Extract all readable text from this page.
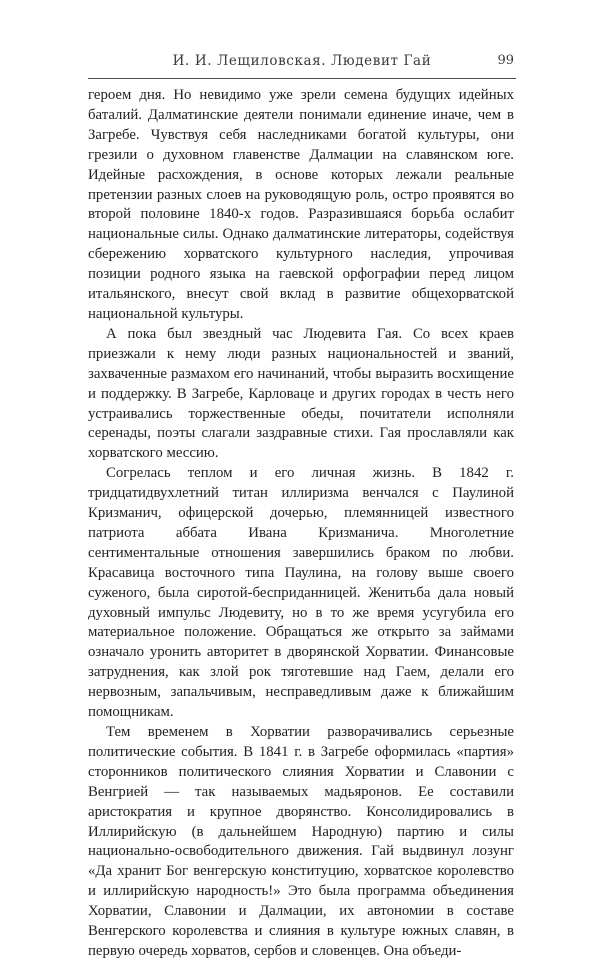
И. И. Лещиловская. Людевит Гай	99

героем дня. Но невидимо уже зрели семена будущих идейных баталий. Далматинские деятели понимали единение иначе, чем в Загребе. Чувствуя себя наследниками богатой культуры, они грезили о духовном главенстве Далмации на славянском юге. Идейные расхождения, в основе которых лежали реальные претензии разных слоев на руководящую роль, остро проявятся во второй половине 1840-х годов. Разразившаяся борьба ослабит национальные силы. Однако далматинские литераторы, содействуя сбережению хорватского культурного наследия, упрочивая позиции родного языка на гаевской орфографии перед лицом итальянского, внесут свой вклад в развитие общехорватской национальной культуры.

А пока был звездный час Людевита Гая. Со всех краев приезжали к нему люди разных национальностей и званий, захваченные размахом его начинаний, чтобы выразить восхищение и поддержку. В Загребе, Карловаце и других городах в честь него устраивались торжественные обеды, почитатели исполняли серенады, поэты слагали заздравные стихи. Гая прославляли как хорватского мессию.

Согрелась теплом и его личная жизнь. В 1842 г. тридцатидвухлетний титан иллиризма венчался с Паулиной Кризманич, офицерской дочерью, племянницей известного патриота аббата Ивана Кризманича. Многолетние сентиментальные отношения завершились браком по любви. Красавица восточного типа Паулина, на голову выше своего суженого, была сиротой-бесприданницей. Женитьба дала новый духовный импульс Людевиту, но в то же время усугубила его материальное положение. Обращаться же открыто за займами означало уронить авторитет в дворянской Хорватии. Финансовые затруднения, как злой рок тяготевшие над Гаем, делали его нервозным, запальчивым, несправедливым даже к ближайшим помощникам.

Тем временем в Хорватии разворачивались серьезные политические события. В 1841 г. в Загребе оформилась «партия» сторонников политического слияния Хорватии и Славонии с Венгрией — так называемых мадьяронов. Ее составили аристократия и крупное дворянство. Консолидировались в Иллирийскую (в дальнейшем Народную) партию и силы национально-освободительного движения. Гай выдвинул лозунг «Да хранит Бог венгерскую конституцию, хорватское королевство и иллирийскую народность!» Это была программа объединения Хорватии, Славонии и Далмации, их автономии в составе Венгерского королевства и слияния в культуре южных славян, в первую очередь хорватов, сербов и словенцев. Она объеди-
